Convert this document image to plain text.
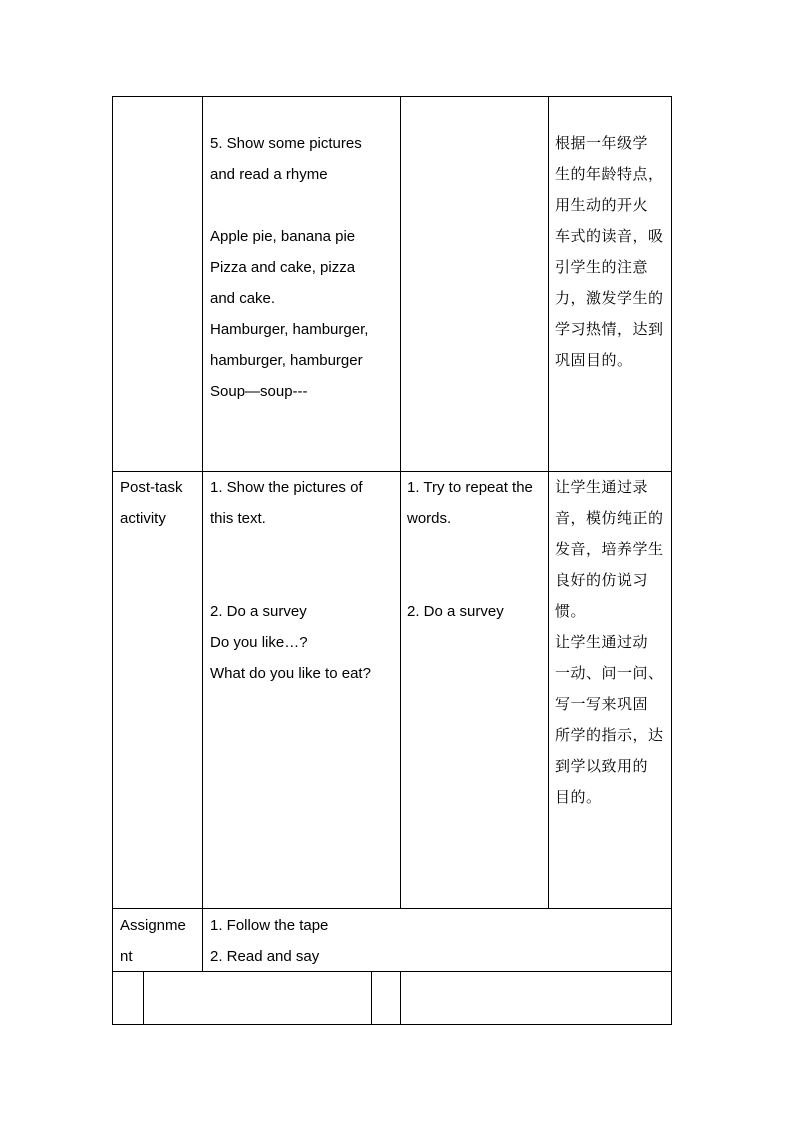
5. Show some pictures

and read a rhyme

Apple pie, banana pie

Pizza and cake, pizza

and cake.

Hamburger, hamburger,

hamburger, hamburger

Soup—soup---

根据一年级学

生的年龄特点，

用生动的开火

车式的读音，吸

引学生的注意

力，激发学生的

学习热情，达到

巩固目的。

Post-task

activity

1. Show the pictures of

this text.

2. Do a survey

Do you like…?

What do you like to eat?

1. Try to repeat the

words.

2. Do a survey

让学生通过录

音，模仿纯正的

发音，培养学生

良好的仿说习

惯。

让学生通过动

一动、问一问、

写一写来巩固

所学的指示，达

到学以致用的

目的。

Assignme

nt

1. Follow the tape

2. Read and say
